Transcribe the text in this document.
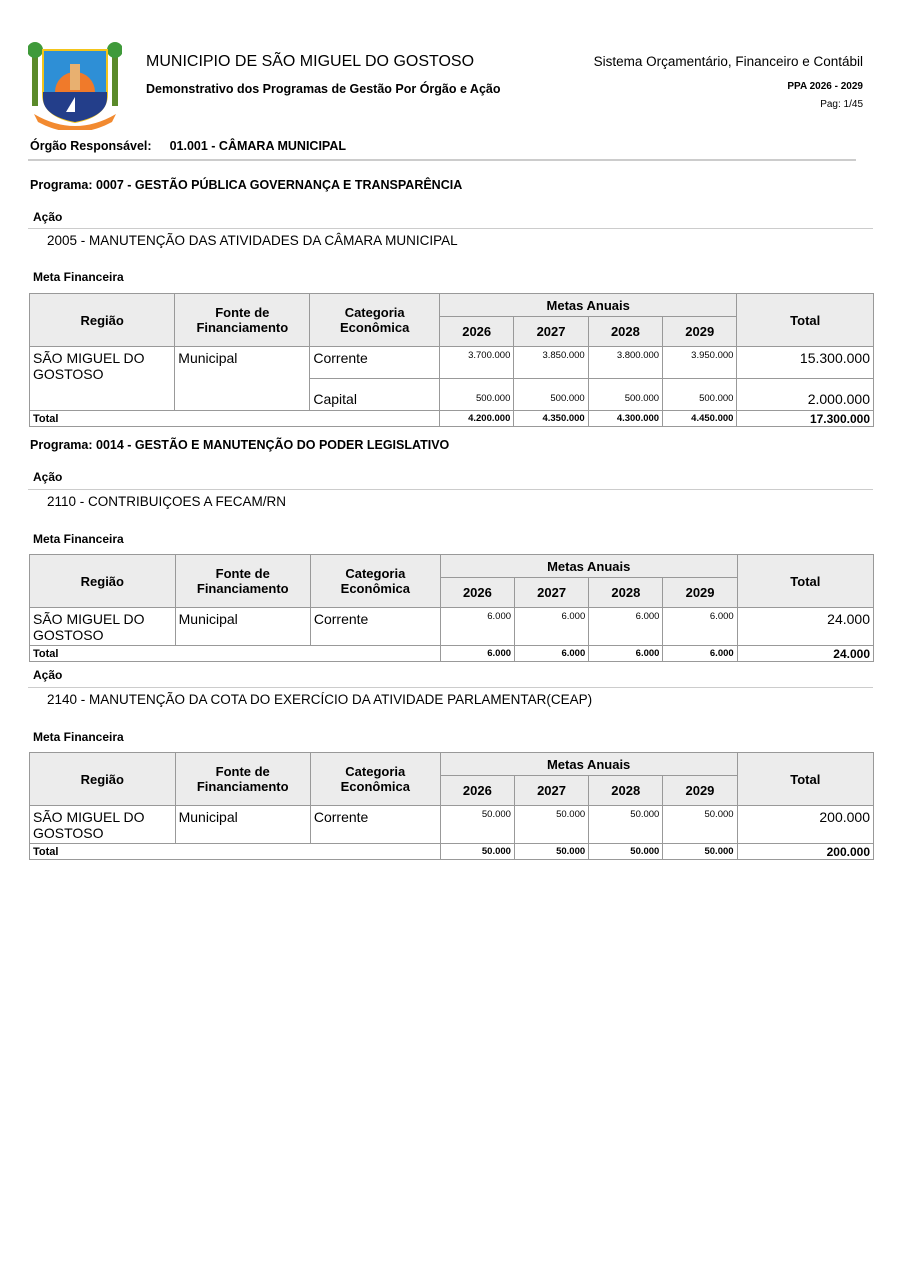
MUNICIPIO DE SÃO MIGUEL DO GOSTOSO
Demonstrativo dos Programas de Gestão Por Órgão e Ação
Sistema Orçamentário, Financeiro e Contábil
PPA 2026 - 2029
Pag: 1/45
Órgão Responsável: 01.001 - CÂMARA MUNICIPAL
Programa: 0007 - GESTÃO PÚBLICA GOVERNANÇA E TRANSPARÊNCIA
Ação
2005 - MANUTENÇÃO DAS ATIVIDADES DA CÂMARA MUNICIPAL
Meta Financeira
Região	Fonte de Financiamento	Categoria Econômica	Metas Anuais				Total
			2026	2027	2028	2029	
SÃO MIGUEL DO GOSTOSO	Municipal	Corrente	3.700.000	3.850.000	3.800.000	3.950.000	15.300.000
		Capital	500.000	500.000	500.000	500.000	2.000.000
Total			4.200.000	4.350.000	4.300.000	4.450.000	17.300.000
Programa: 0014 - GESTÃO E MANUTENÇÃO DO PODER LEGISLATIVO
Ação
2110 - CONTRIBUIÇOES A FECAM/RN
Meta Financeira
Região	Fonte de Financiamento	Categoria Econômica	Metas Anuais				Total
			2026	2027	2028	2029	
SÃO MIGUEL DO GOSTOSO	Municipal	Corrente	6.000	6.000	6.000	6.000	24.000
Total			6.000	6.000	6.000	6.000	24.000
Ação
2140 - MANUTENÇÃO DA COTA DO EXERCÍCIO DA ATIVIDADE PARLAMENTAR(CEAP)
Meta Financeira
Região	Fonte de Financiamento	Categoria Econômica	Metas Anuais				Total
			2026	2027	2028	2029	
SÃO MIGUEL DO GOSTOSO	Municipal	Corrente	50.000	50.000	50.000	50.000	200.000
Total			50.000	50.000	50.000	50.000	200.000
